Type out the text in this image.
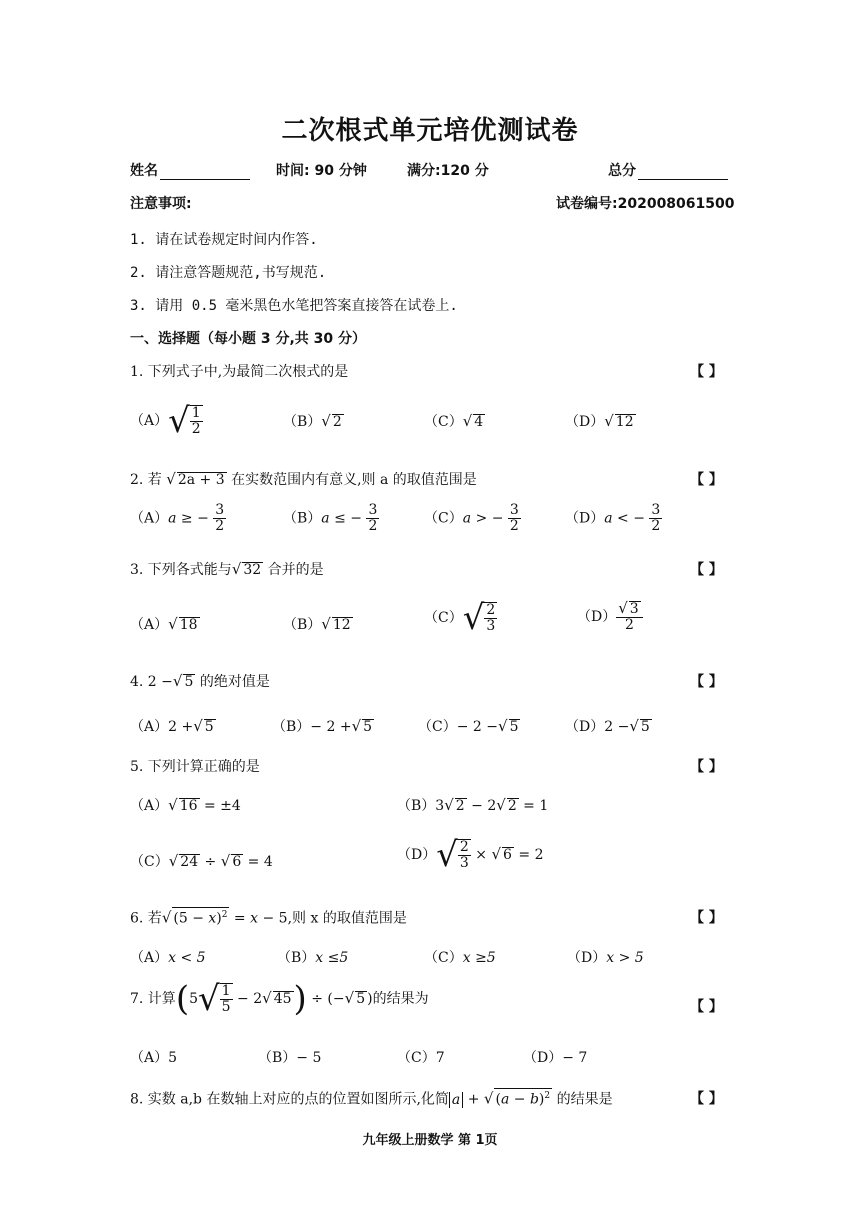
二次根式单元培优测试卷
姓名	时间: 90 分钟	满分:120 分	总分
注意事项:	试卷编号:202008061500
1. 请在试卷规定时间内作答.
2. 请注意答题规范,书写规范.
3. 请用 0.5 毫米黑色水笔把答案直接答在试卷上.
一、选择题（每小题 3 分,共 30 分）
1. 下列式子中,为最简二次根式的是	【 】
$(A)√ \frac{1}{2}$	（B）√ 2	（C）√ 4	（D）√ 12
2. 若 √ 2a + 3 在实数范围内有意义,则 a 的取值范围是	【 】
（A）a ≥ − $\frac{3}{2}$	（B）a ≤ − $\frac{3}{2}$	（C）a > − $\frac{3}{2}$	（D）a < − $\frac{3}{2}$
3. 下列各式能与√ 32 合并的是	【 】
（A）√ 18	（B）√ 12	$(C)√ \frac{2}{3}$	$(D) \frac{√ 3}{2}$
4. 2 −√ 5 的绝对值是	【 】
（A）2 +√ 5	（B）− 2 +√ 5	（C）− 2 −√ 5	（D）2 −√ 5
5. 下列计算正确的是	【 】
（A）√ 16 = ±4	（B）3√ 2 − 2√ 2 = 1
（C）√ 24 ÷ √ 6 = 4	$(D)√ \frac{2}{3}$ × √ 6 = 2
6. 若√ $(5 - x)^2 = x - 5$,则 x 的取值范围是	【 】
（A）x < 5	（B）x ≤5	（C）x ≥5	（D）x > 5
7. 计算($5√ \frac{1}{5} - 2√$ 45) ÷ (−√ 5 )的结果为	【 】
（A）5	（B）− 5	（C）7	（D）− 7
8. 实数 a,b 在数轴上对应的点的位置如图所示,化简 a + √ $(a - b)^2$ 的结果是	【 】
九年级上册数学 第 1页
